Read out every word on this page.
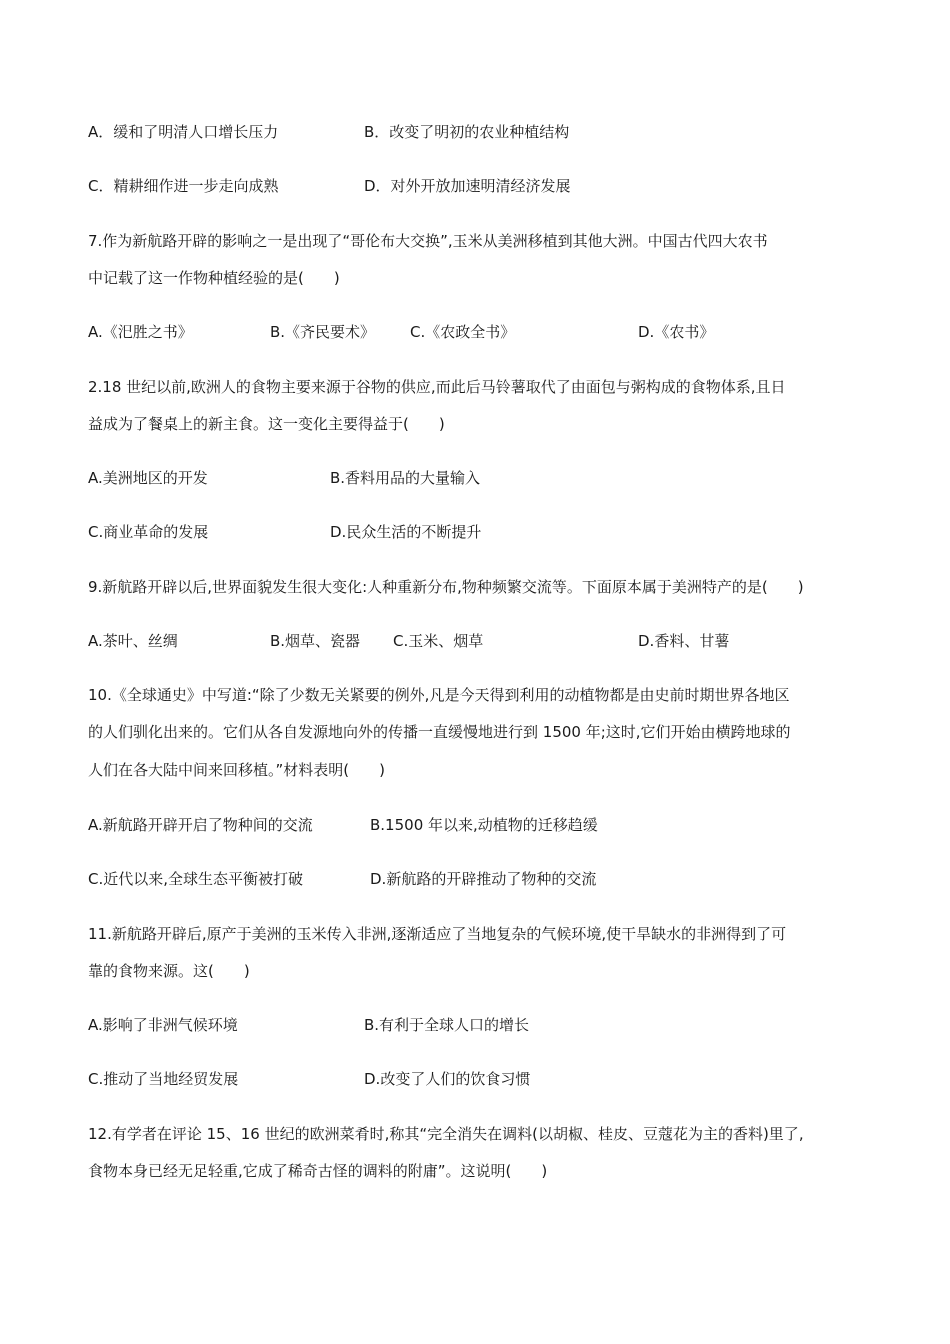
A．缓和了明清人口增长压力	B．改变了明初的农业种植结构
C．精耕细作进一步走向成熟	D．对外开放加速明清经济发展
7.作为新航路开辟的影响之一是出现了“哥伦布大交换”,玉米从美洲移植到其他大洲。中国古代四大农书
中记载了这一作物种植经验的是(　　)
A.《汜胜之书》	B.《齐民要术》 C.《农政全书》	D.《农书》
2.18 世纪以前,欧洲人的食物主要来源于谷物的供应,而此后马铃薯取代了由面包与粥构成的食物体系,且日
益成为了餐桌上的新主食。这一变化主要得益于(　　)
A.美洲地区的开发	B.香料用品的大量输入
C.商业革命的发展	D.民众生活的不断提升
9.新航路开辟以后,世界面貌发生很大变化:人种重新分布,物种频繁交流等。下面原本属于美洲特产的是(　　)
A.茶叶、丝绸	B.烟草、瓷器 C.玉米、烟草	D.香料、甘薯
10.《全球通史》中写道:“除了少数无关紧要的例外,凡是今天得到利用的动植物都是由史前时期世界各地区
的人们驯化出来的。它们从各自发源地向外的传播一直缓慢地进行到 1500 年;这时,它们开始由横跨地球的
人们在各大陆中间来回移植。”材料表明(　　)
A.新航路开辟开启了物种间的交流	B.1500 年以来,动植物的迁移趋缓
C.近代以来,全球生态平衡被打破	D.新航路的开辟推动了物种的交流
11.新航路开辟后,原产于美洲的玉米传入非洲,逐渐适应了当地复杂的气候环境,使干旱缺水的非洲得到了可
靠的食物来源。这(　　)
A.影响了非洲气候环境	B.有利于全球人口的增长
C.推动了当地经贸发展	D.改变了人们的饮食习惯
12.有学者在评论 15、16 世纪的欧洲菜肴时,称其“完全消失在调料(以胡椒、桂皮、豆蔻花为主的香料)里了,
食物本身已经无足轻重,它成了稀奇古怪的调料的附庸”。这说明(　　)
